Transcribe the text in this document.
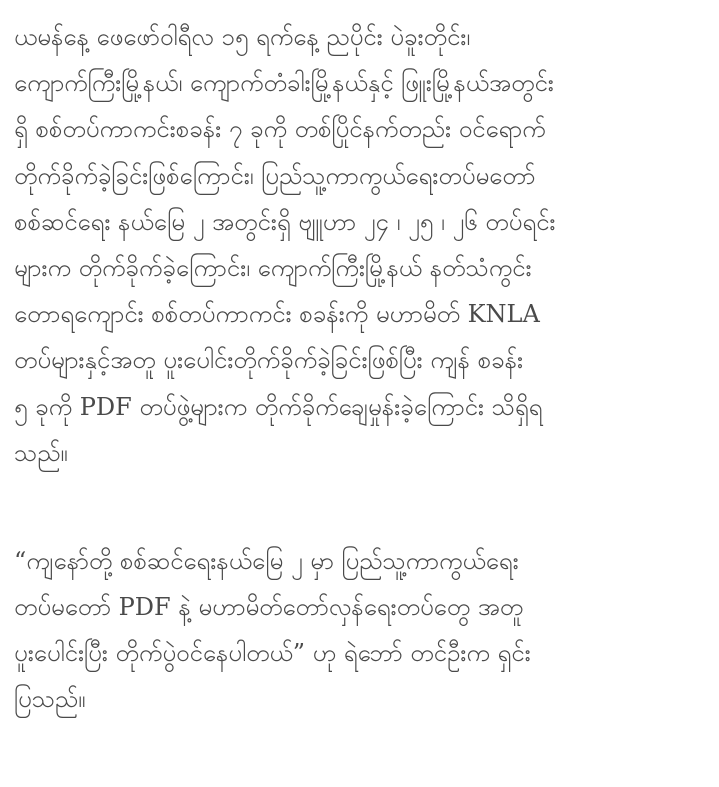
ယမန်နေ့ ဖေဖော်ဝါရီလ ၁၅ ရက်နေ့ ညပိုင်း ပဲခူးတိုင်း၊
ကျောက်ကြီးမြို့နယ်၊ ကျောက်တံခါးမြို့နယ်နှင့် ဖြူးမြို့နယ်အတွင်း
ရှိ စစ်တပ်ကာကင်းစခန်း ၇ ခုကို တစ်ပြိုင်နက်တည်း ဝင်ရောက်
တိုက်ခိုက်ခဲ့ခြင်းဖြစ်ကြောင်း၊ ပြည်သူ့ကာကွယ်ရေးတပ်မတော်
စစ်ဆင်ရေး နယ်မြေ ၂ အတွင်းရှိ ဗျူဟာ ၂၄ ၊ ၂၅ ၊ ၂၆ တပ်ရင်း
များက တိုက်ခိုက်ခဲ့ကြောင်း၊ ကျောက်ကြီးမြို့နယ် နတ်သံကွင်း
တောရကျောင်း စစ်တပ်ကာကင်း စခန်းကို မဟာမိတ် KNLA
တပ်များနှင့်အတူ ပူးပေါင်းတိုက်ခိုက်ခဲ့ခြင်းဖြစ်ပြီး ကျန် စခန်း
၅ ခုကို PDF တပ်ဖွဲ့များက တိုက်ခိုက်ချေမှုန်းခဲ့ကြောင်း သိရှိရ
သည်။
“ကျနော်တို့ စစ်ဆင်ရေးနယ်မြေ ၂ မှာ ပြည်သူ့ကာကွယ်ရေး
တပ်မတော် PDF နဲ့ မဟာမိတ်တော်လှန်ရေးတပ်တွေ အတူ
ပူးပေါင်းပြီး တိုက်ပွဲဝင်နေပါတယ်” ဟု ရဲဘော် တင်ဦးက ရှင်း
ပြသည်။
